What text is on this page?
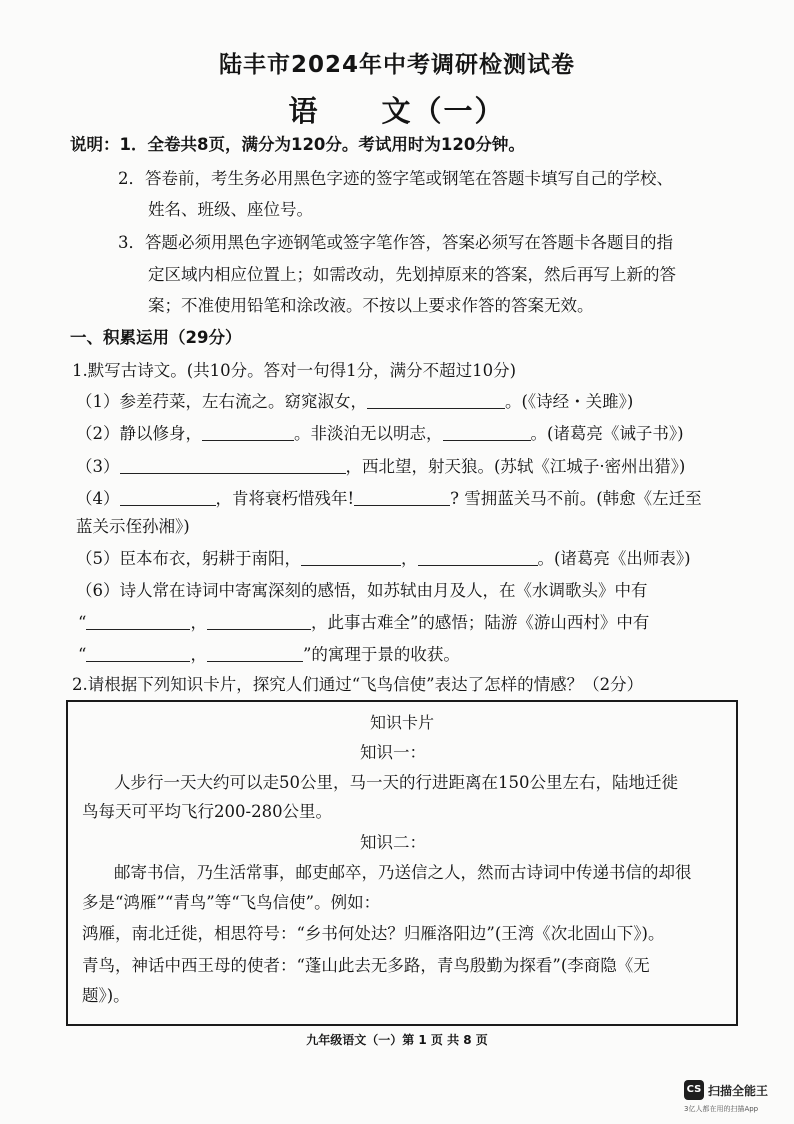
陆丰市2024年中考调研检测试卷
语　　文（一）
说明：1．全卷共8页，满分为120分。考试用时为120分钟。
2．答卷前，考生务必用黑色字迹的签字笔或钢笔在答题卡填写自己的学校、
姓名、班级、座位号。
3．答题必须用黑色字迹钢笔或签字笔作答，答案必须写在答题卡各题目的指
定区域内相应位置上；如需改动，先划掉原来的答案，然后再写上新的答
案；不准使用铅笔和涂改液。不按以上要求作答的答案无效。
一、积累运用（29分）
1.默写古诗文。(共10分。答对一句得1分，满分不超过10分)
（1）参差荇菜，左右流之。窈窕淑女，	。(《诗经・关雎》)
（2）静以修身，	。非淡泊无以明志，	。(诸葛亮《诫子书》)
（3）	，西北望，射天狼。(苏轼《江城子·密州出猎》)
（4）	，肯将衰朽惜残年!	? 雪拥蓝关马不前。(韩愈《左迁至
蓝关示侄孙湘》)
（5）臣本布衣，躬耕于南阳，	，	。(诸葛亮《出师表》)
（6）诗人常在诗词中寄寓深刻的感悟，如苏轼由月及人，在《水调歌头》中有
“	，	，此事古难全”的感悟；陆游《游山西村》中有
“	，	”的寓理于景的收获。
2.请根据下列知识卡片，探究人们通过“飞鸟信使”表达了怎样的情感？（2分）
知识卡片
知识一：
人步行一天大约可以走50公里，马一天的行进距离在150公里左右，陆地迁徙
鸟每天可平均飞行200-280公里。
知识二：
邮寄书信，乃生活常事，邮吏邮卒，乃送信之人，然而古诗词中传递书信的却很
多是“鸿雁”“青鸟”等“飞鸟信使”。例如：
鸿雁，南北迁徙，相思符号：“乡书何处达？归雁洛阳边”(王湾《次北固山下》)。
青鸟，神话中西王母的使者：“蓬山此去无多路，青鸟殷勤为探看”(李商隐《无
题》)。
九年级语文（一）第 1 页 共 8 页
CS 扫描全能王
3亿人都在用的扫描App
